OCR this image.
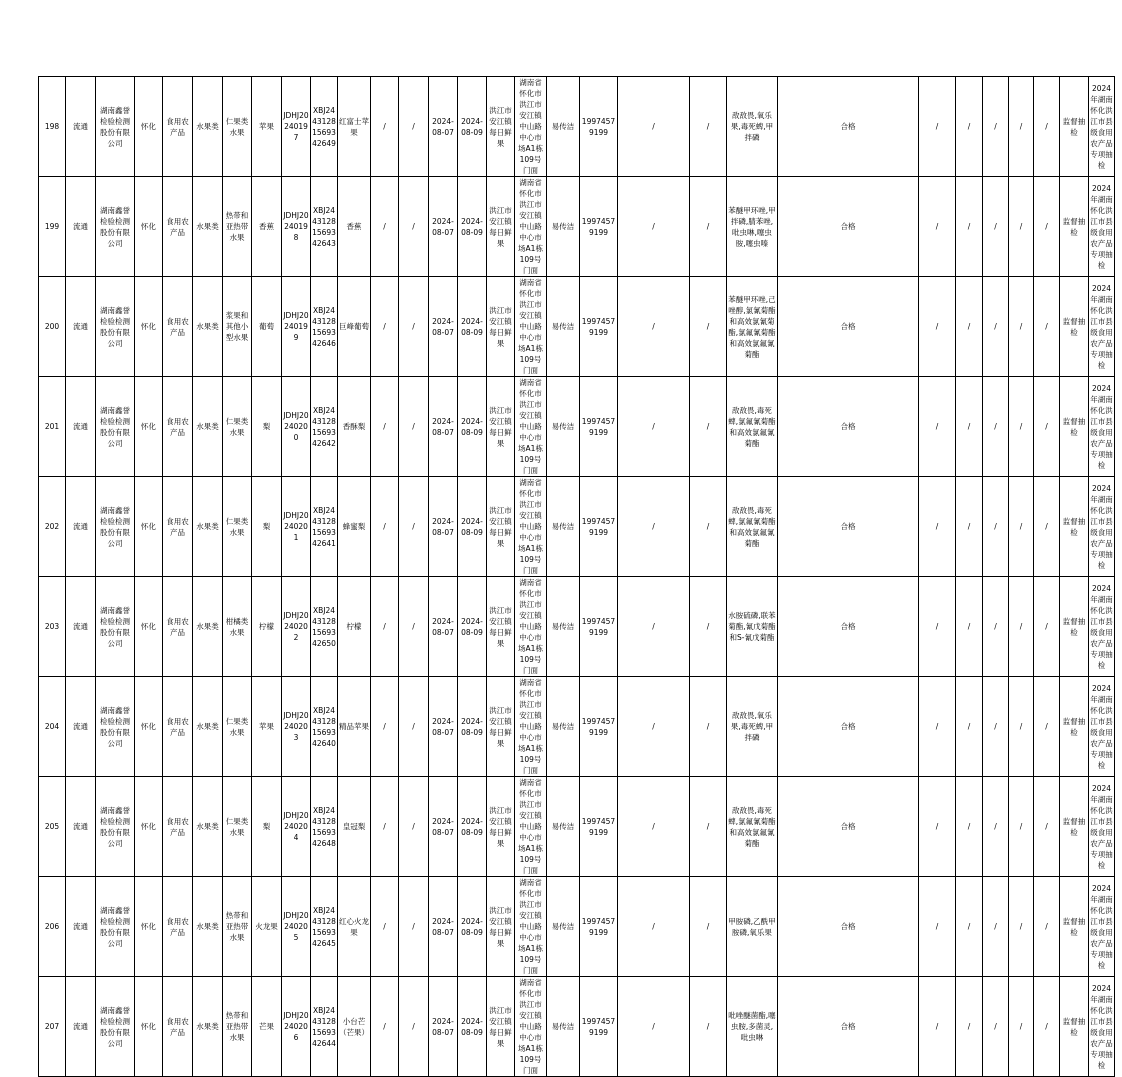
198	流通	湖南鑫誉检验检测股份有限公司	怀化	食用农产品	水果类	仁果类水果	苹果	JDHJ20240197	XBJ24431281569342649	红富士苹果	/	/	2024-08-07	2024-08-09	洪江市安江镇每日鲜果	湖南省怀化市洪江市安江镇中山路中心市场A1栋109号门面	易传洁	19974579199	/	/	敌敌畏,氧乐果,毒死蜱,甲拌磷	合格	/	/	/	/	/	监督抽检	2024年湖南怀化洪江市县级食用农产品专项抽检
199	流通	湖南鑫誉检验检测股份有限公司	怀化	食用农产品	水果类	热带和亚热带水果	香蕉	JDHJ20240198	XBJ24431281569342643	香蕉	/	/	2024-08-07	2024-08-09	洪江市安江镇每日鲜果	湖南省怀化市洪江市安江镇中山路中心市场A1栋109号门面	易传洁	19974579199	/	/	苯醚甲环唑,甲拌磷,腈苯唑,吡虫啉,噻虫胺,噻虫嗪	合格	/	/	/	/	/	监督抽检	2024年湖南怀化洪江市县级食用农产品专项抽检
200	流通	湖南鑫誉检验检测股份有限公司	怀化	食用农产品	水果类	浆果和其他小型水果	葡萄	JDHJ20240199	XBJ24431281569342646	巨峰葡萄	/	/	2024-08-07	2024-08-09	洪江市安江镇每日鲜果	湖南省怀化市洪江市安江镇中山路中心市场A1栋109号门面	易传洁	19974579199	/	/	苯醚甲环唑,己唑醇,氯氰菊酯和高效氯氰菊酯,氯氟氰菊酯和高效氯氟氰菊酯	合格	/	/	/	/	/	监督抽检	2024年湖南怀化洪江市县级食用农产品专项抽检
201	流通	湖南鑫誉检验检测股份有限公司	怀化	食用农产品	水果类	仁果类水果	梨	JDHJ20240200	XBJ24431281569342642	香酥梨	/	/	2024-08-07	2024-08-09	洪江市安江镇每日鲜果	湖南省怀化市洪江市安江镇中山路中心市场A1栋109号门面	易传洁	19974579199	/	/	敌敌畏,毒死蜱,氯氟氰菊酯和高效氯氟氰菊酯	合格	/	/	/	/	/	监督抽检	2024年湖南怀化洪江市县级食用农产品专项抽检
202	流通	湖南鑫誉检验检测股份有限公司	怀化	食用农产品	水果类	仁果类水果	梨	JDHJ20240201	XBJ24431281569342641	蜂蜜梨	/	/	2024-08-07	2024-08-09	洪江市安江镇每日鲜果	湖南省怀化市洪江市安江镇中山路中心市场A1栋109号门面	易传洁	19974579199	/	/	敌敌畏,毒死蜱,氯氟氰菊酯和高效氯氟氰菊酯	合格	/	/	/	/	/	监督抽检	2024年湖南怀化洪江市县级食用农产品专项抽检
203	流通	湖南鑫誉检验检测股份有限公司	怀化	食用农产品	水果类	柑橘类水果	柠檬	JDHJ20240202	XBJ24431281569342650	柠檬	/	/	2024-08-07	2024-08-09	洪江市安江镇每日鲜果	湖南省怀化市洪江市安江镇中山路中心市场A1栋109号门面	易传洁	19974579199	/	/	水胺硫磷,联苯菊酯,氰戊菊酯和S-氰戊菊酯	合格	/	/	/	/	/	监督抽检	2024年湖南怀化洪江市县级食用农产品专项抽检
204	流通	湖南鑫誉检验检测股份有限公司	怀化	食用农产品	水果类	仁果类水果	苹果	JDHJ20240203	XBJ24431281569342640	精品苹果	/	/	2024-08-07	2024-08-09	洪江市安江镇每日鲜果	湖南省怀化市洪江市安江镇中山路中心市场A1栋109号门面	易传洁	19974579199	/	/	敌敌畏,氧乐果,毒死蜱,甲拌磷	合格	/	/	/	/	/	监督抽检	2024年湖南怀化洪江市县级食用农产品专项抽检
205	流通	湖南鑫誉检验检测股份有限公司	怀化	食用农产品	水果类	仁果类水果	梨	JDHJ20240204	XBJ24431281569342648	皇冠梨	/	/	2024-08-07	2024-08-09	洪江市安江镇每日鲜果	湖南省怀化市洪江市安江镇中山路中心市场A1栋109号门面	易传洁	19974579199	/	/	敌敌畏,毒死蜱,氯氟氰菊酯和高效氯氟氰菊酯	合格	/	/	/	/	/	监督抽检	2024年湖南怀化洪江市县级食用农产品专项抽检
206	流通	湖南鑫誉检验检测股份有限公司	怀化	食用农产品	水果类	热带和亚热带水果	火龙果	JDHJ20240205	XBJ24431281569342645	红心火龙果	/	/	2024-08-07	2024-08-09	洪江市安江镇每日鲜果	湖南省怀化市洪江市安江镇中山路中心市场A1栋109号门面	易传洁	19974579199	/	/	甲胺磷,乙酰甲胺磷,氧乐果	合格	/	/	/	/	/	监督抽检	2024年湖南怀化洪江市县级食用农产品专项抽检
207	流通	湖南鑫誉检验检测股份有限公司	怀化	食用农产品	水果类	热带和亚热带水果	芒果	JDHJ20240206	XBJ24431281569342644	小台芒（芒果）	/	/	2024-08-07	2024-08-09	洪江市安江镇每日鲜果	湖南省怀化市洪江市安江镇中山路中心市场A1栋109号门面	易传洁	19974579199	/	/	吡唑醚菌酯,噻虫胺,多菌灵,吡虫啉	合格	/	/	/	/	/	监督抽检	2024年湖南怀化洪江市县级食用农产品专项抽检
